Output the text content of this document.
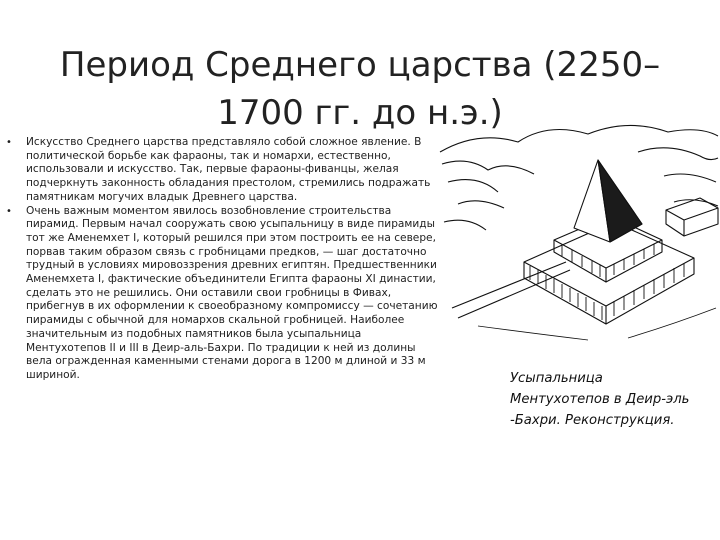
Период Среднего царства (2250–
1700 гг. до н.э.)
•	Искусство Среднего царства представляло собой сложное явление. В политической борьбе как фараоны, так и номархи, естественно, использовали и искусство. Так, первые фараоны-фиванцы, желая подчеркнуть законность обладания престолом, стремились подражать памятникам могучих владык Древнего царства.
•	Очень важным моментом явилось возобновление строительства пирамид. Первым начал сооружать свою усыпальницу в виде пирамиды тот же Аменемхет I, который решился при этом построить ее на севере, порвав таким образом связь с гробницами предков, — шаг достаточно трудный в условиях мировоззрения древних египтян. Предшественники Аменемхета I, фактические объединители Египта фараоны XI династии, сделать это не решились. Они оставили свои гробницы в Фивах, прибегнув в их оформлении к своеобразному компромиссу — сочетанию пирамиды с обычной для номархов скальной гробницей. Наиболее значительным из подобных памятников была усыпальница Ментухотепов II и III в Деир-аль-Бахри. По традиции к ней из долины вела огражденная каменными стенами дорога в 1200 м длиной и 33 м шириной.	Усыпальница
Ментухотепов в Деир-эль
-Бахри. Реконструкция.
